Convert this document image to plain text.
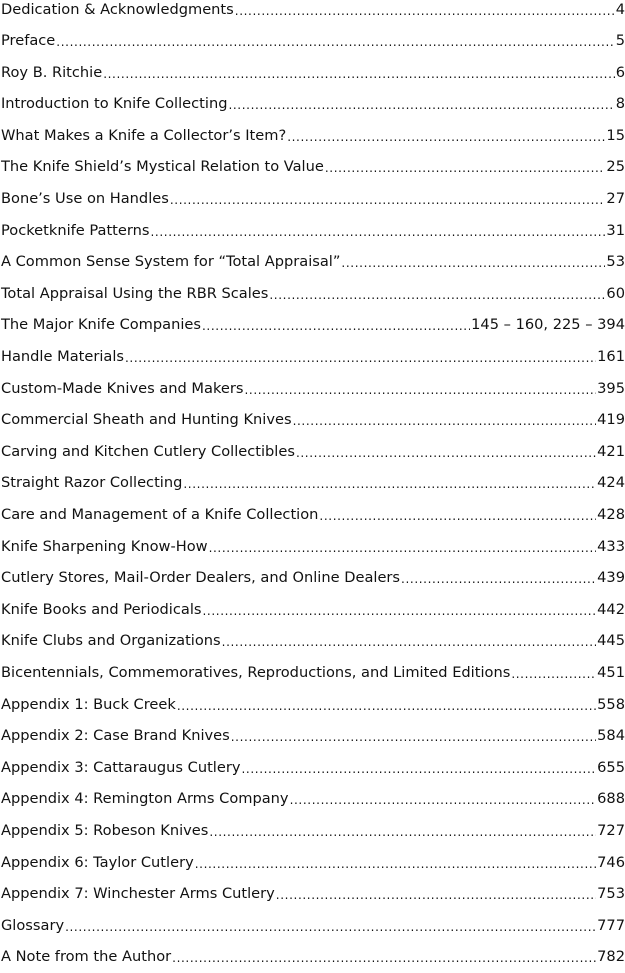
Dedication & Acknowledgments . . .	4
Preface . . .	5
Roy B. Ritchie . . .	6
Introduction to Knife Collecting . . .	8
What Makes a Knife a Collector’s Item? . . .	15
The Knife Shield’s Mystical Relation to Value . . .	25
Bone’s Use on Handles . . .	27
Pocketknife Patterns . . .	31
A Common Sense System for “Total Appraisal” . . .	53
Total Appraisal Using the RBR Scales . . .	60
The Major Knife Companies . . .	145 – 160, 225 – 394
Handle Materials . . .	161
Custom-Made Knives and Makers . . .	395
Commercial Sheath and Hunting Knives . . .	419
Carving and Kitchen Cutlery Collectibles . . .	421
Straight Razor Collecting . . .	424
Care and Management of a Knife Collection . . .	428
Knife Sharpening Know-How . . .	433
Cutlery Stores, Mail-Order Dealers, and Online Dealers . . .	439
Knife Books and Periodicals . . .	442
Knife Clubs and Organizations . . .	445
Bicentennials, Commemoratives, Reproductions, and Limited Editions . . .	451
Appendix 1: Buck Creek . . .	558
Appendix 2: Case Brand Knives . . .	584
Appendix 3: Cattaraugus Cutlery . . .	655
Appendix 4: Remington Arms Company . . .	688
Appendix 5: Robeson Knives . . .	727
Appendix 6: Taylor Cutlery . . .	746
Appendix 7: Winchester Arms Cutlery . . .	753
Glossary . . .	777
A Note from the Author . . .	782
